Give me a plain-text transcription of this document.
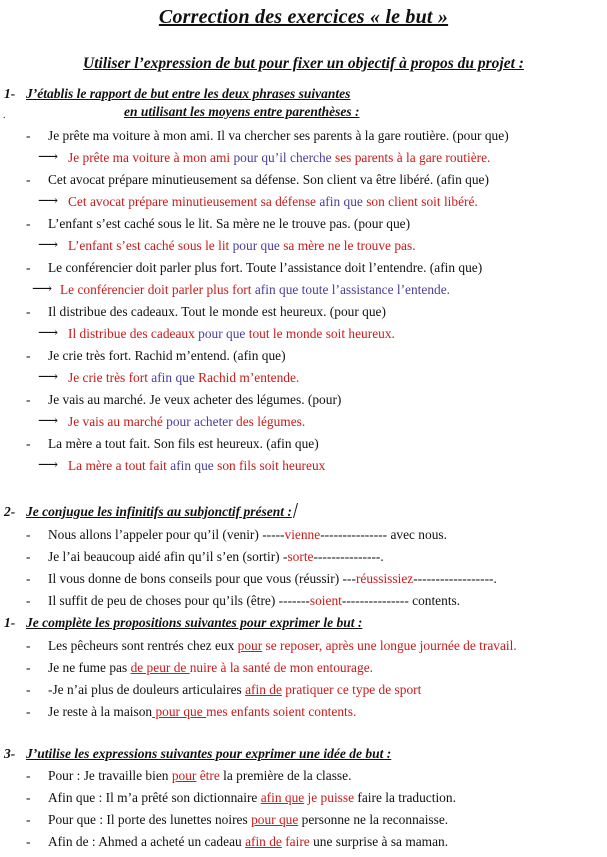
Correction des exercices « le but »
Utiliser l’expression de but pour fixer un objectif à propos du projet :
1- J’établis le rapport de but entre les deux phrases suivantes
en utilisant les moyens entre parenthèses :
.
- Je prête ma voiture à mon ami. Il va chercher ses parents à la gare routière. (pour que)
⟶ Je prête ma voiture à mon ami pour qu’il cherche ses parents à la gare routière.
- Cet avocat prépare minutieusement sa défense. Son client va être libéré. (afin que)
⟶ Cet avocat prépare minutieusement sa défense afin que son client soit libéré.
- L’enfant s’est caché sous le lit. Sa mère ne le trouve pas. (pour que)
⟶ L’enfant s’est caché sous le lit pour que sa mère ne le trouve pas.
- Le conférencier doit parler plus fort. Toute l’assistance doit l’entendre. (afin que)
⟶ Le conférencier doit parler plus fort afin que toute l’assistance l’entende.
- Il distribue des cadeaux. Tout le monde est heureux. (pour que)
⟶ Il distribue des cadeaux pour que tout le monde soit heureux.
- Je crie très fort. Rachid m’entend. (afin que)
⟶ Je crie très fort afin que Rachid m’entende.
- Je vais au marché. Je veux acheter des légumes. (pour)
⟶ Je vais au marché pour acheter des légumes.
- La mère a tout fait. Son fils est heureux. (afin que)
⟶ La mère a tout fait afin que son fils soit heureux
2- Je conjugue les infinitifs au subjonctif présent :
- Nous allons l’appeler pour qu’il (venir) -----vienne--------------- avec nous.
- Je l’ai beaucoup aidé afin qu’il s’en (sortir) -sorte---------------.
- Il vous donne de bons conseils pour que vous (réussir) ---réussissiez------------------.
- Il suffit de peu de choses pour qu’ils (être) -------soient--------------- contents.
1- Je complète les propositions suivantes pour exprimer le but :
- Les pêcheurs sont rentrés chez eux pour se reposer, après une longue journée de travail.
- Je ne fume pas de peur de nuire à la santé de mon entourage.
- -Je n’ai plus de douleurs articulaires afin de pratiquer ce type de sport
- Je reste à la maison pour que mes enfants soient contents.
3- J’utilise les expressions suivantes pour exprimer une idée de but :
- Pour : Je travaille bien pour être la première de la classe.
- Afin que : Il m’a prêté son dictionnaire afin que je puisse faire la traduction.
- Pour que : Il porte des lunettes noires pour que personne ne la reconnaisse.
- Afin de : Ahmed a acheté un cadeau afin de faire une surprise à sa maman.
